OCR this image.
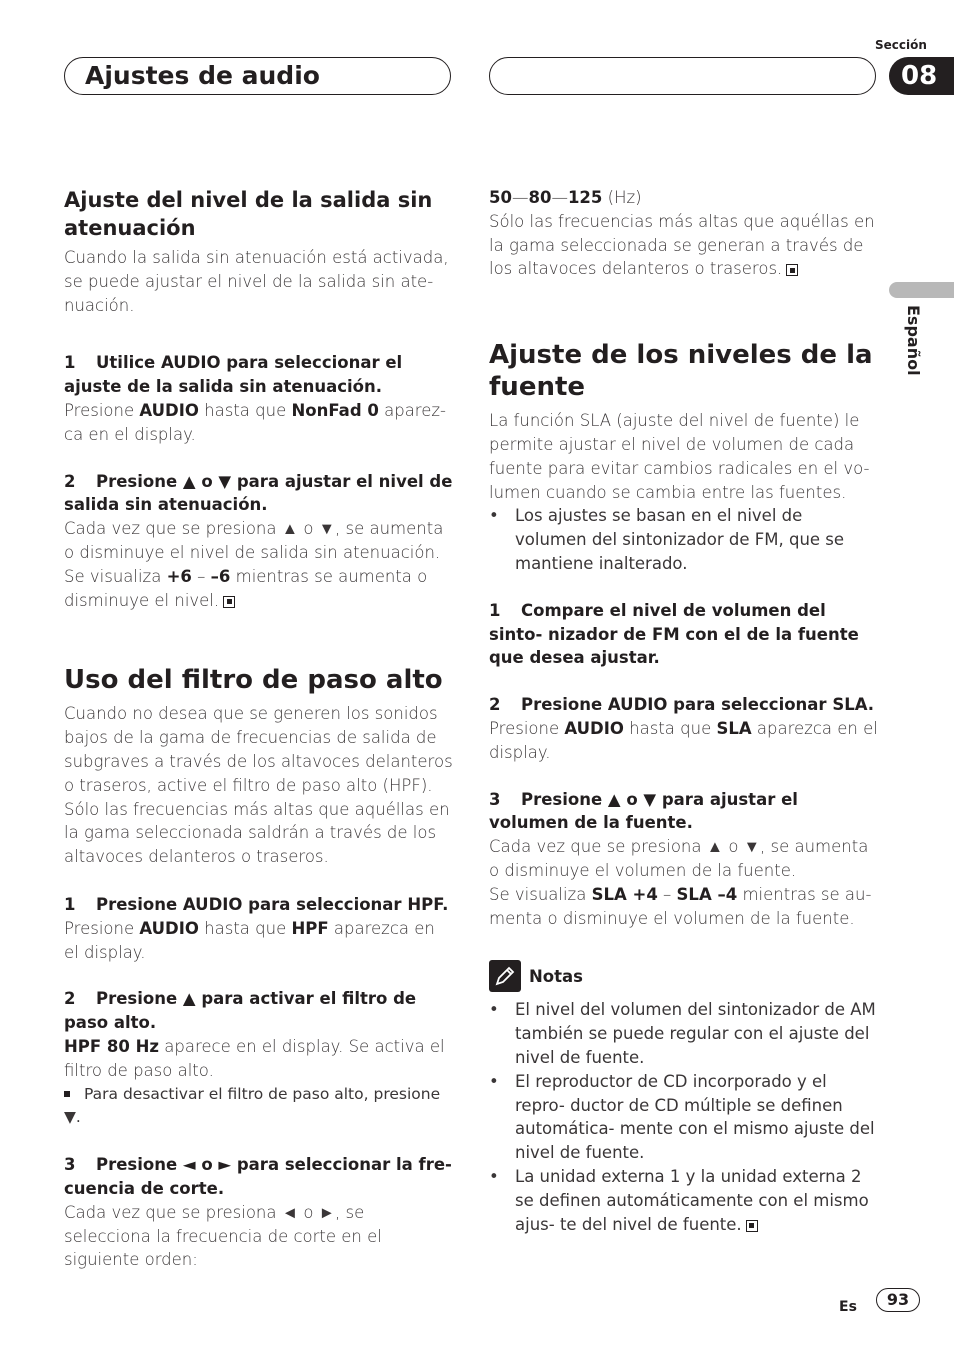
Ajustes de audio
Sección
08
Español

Ajuste del nivel de la salida sin atenuación

Cuando la salida sin atenuación está activada, se puede ajustar el nivel de la salida sin ate- nuación.

1 Utilice AUDIO para seleccionar el ajuste de la salida sin atenuación.

Presione AUDIO hasta que NonFad 0 aparez- ca en el display.

2 Presione ▲ o ▼ para ajustar el nivel de salida sin atenuación.

Cada vez que se presiona ▲ o ▼, se aumenta o disminuye el nivel de salida sin atenuación.

Se visualiza +6 – –6 mientras se aumenta o disminuye el nivel.

Uso del filtro de paso alto

Cuando no desea que se generen los sonidos bajos de la gama de frecuencias de salida de subgraves a través de los altavoces delanteros o traseros, active el filtro de paso alto (HPF). Sólo las frecuencias más altas que aquéllas en la gama seleccionada saldrán a través de los altavoces delanteros o traseros.

1 Presione AUDIO para seleccionar HPF.

Presione AUDIO hasta que HPF aparezca en el display.

2 Presione ▲ para activar el filtro de paso alto.

HPF 80 Hz aparece en el display. Se activa el filtro de paso alto.

Para desactivar el filtro de paso alto, presione ▼.

3 Presione ◄ o ► para seleccionar la fre- cuencia de corte.

Cada vez que se presiona ◄ o ►, se selecciona la frecuencia de corte en el siguiente orden:

50—80—125 (Hz)

Sólo las frecuencias más altas que aquéllas en la gama seleccionada se generan a través de los altavoces delanteros o traseros.

Ajuste de los niveles de la fuente

La función SLA (ajuste del nivel de fuente) le permite ajustar el nivel de volumen de cada fuente para evitar cambios radicales en el vo- lumen cuando se cambia entre las fuentes.

• Los ajustes se basan en el nivel de volumen del sintonizador de FM, que se mantiene inalterado.

1 Compare el nivel de volumen del sinto- nizador de FM con el de la fuente que desea ajustar.

2 Presione AUDIO para seleccionar SLA.

Presione AUDIO hasta que SLA aparezca en el display.

3 Presione ▲ o ▼ para ajustar el volumen de la fuente.

Cada vez que se presiona ▲ o ▼, se aumenta o disminuye el volumen de la fuente.

Se visualiza SLA +4 – SLA –4 mientras se au- menta o disminuye el volumen de la fuente.

Notas
• El nivel del volumen del sintonizador de AM también se puede regular con el ajuste del nivel de fuente.
• El reproductor de CD incorporado y el repro- ductor de CD múltiple se definen automática- mente con el mismo ajuste del nivel de fuente.
• La unidad externa 1 y la unidad externa 2 se definen automáticamente con el mismo ajus- te del nivel de fuente.
Es	93
